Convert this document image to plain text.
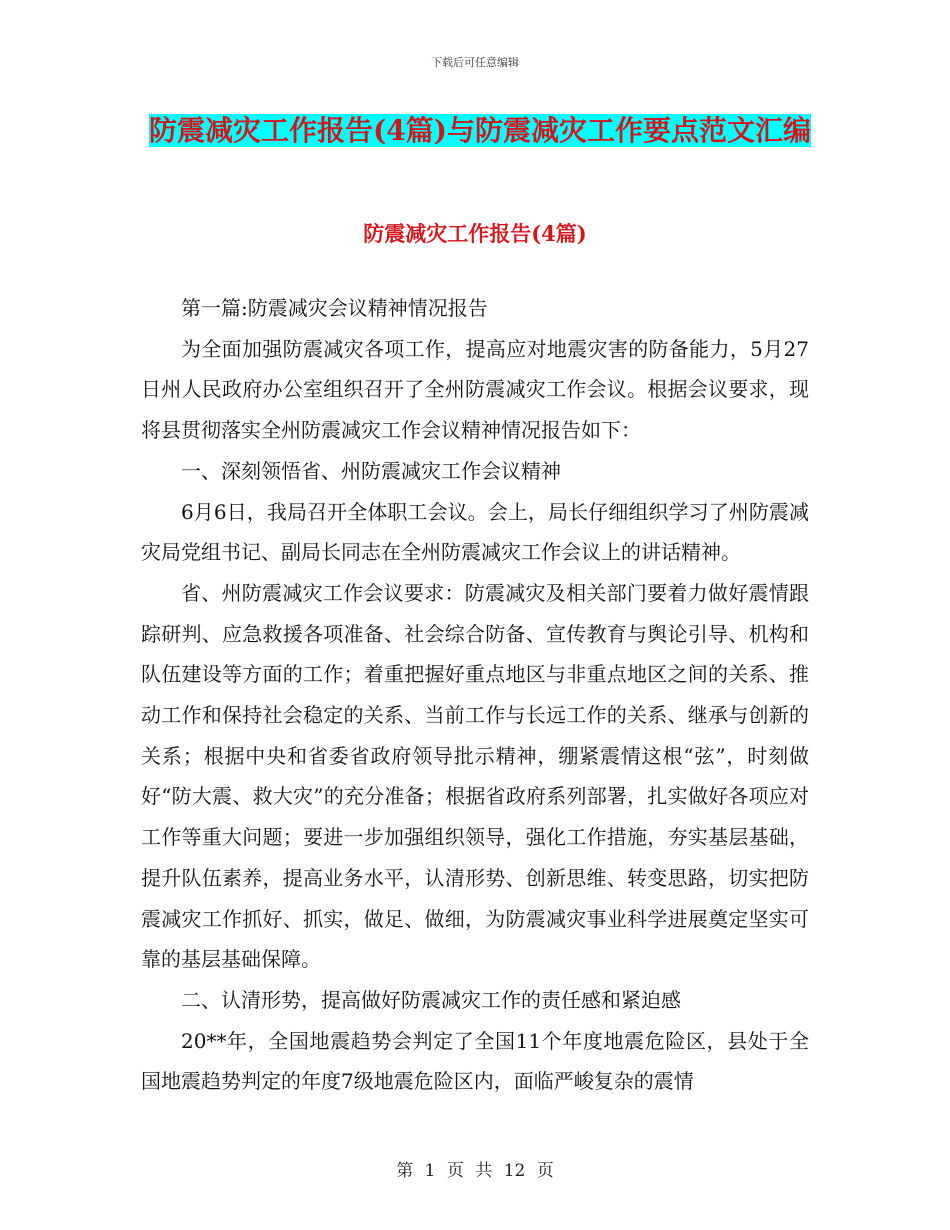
下载后可任意编辑
防震减灾工作报告(4篇)与防震减灾工作要点范文汇编
防震减灾工作报告(4篇)

第一篇:防震减灾会议精神情况报告

为全面加强防震减灾各项工作，提高应对地震灾害的防备能力，5月27日州人民政府办公室组织召开了全州防震减灾工作会议。根据会议要求，现将县贯彻落实全州防震减灾工作会议精神情况报告如下：

一、深刻领悟省、州防震减灾工作会议精神

6月6日，我局召开全体职工会议。会上，局长仔细组织学习了州防震减灾局党组书记、副局长同志在全州防震减灾工作会议上的讲话精神。

省、州防震减灾工作会议要求：防震减灾及相关部门要着力做好震情跟踪研判、应急救援各项准备、社会综合防备、宣传教育与舆论引导、机构和队伍建设等方面的工作；着重把握好重点地区与非重点地区之间的关系、推动工作和保持社会稳定的关系、当前工作与长远工作的关系、继承与创新的关系；根据中央和省委省政府领导批示精神，绷紧震情这根“弦”，时刻做好“防大震、救大灾”的充分准备；根据省政府系列部署，扎实做好各项应对工作等重大问题；要进一步加强组织领导，强化工作措施，夯实基层基础，提升队伍素养，提高业务水平，认清形势、创新思维、转变思路，切实把防震减灾工作抓好、抓实，做足、做细，为防震减灾事业科学进展奠定坚实可靠的基层基础保障。

二、认清形势，提高做好防震减灾工作的责任感和紧迫感

20**年，全国地震趋势会判定了全国11个年度地震危险区，县处于全国地震趋势判定的年度7级地震危险区内，面临严峻复杂的震情

第 1 页 共 12 页
